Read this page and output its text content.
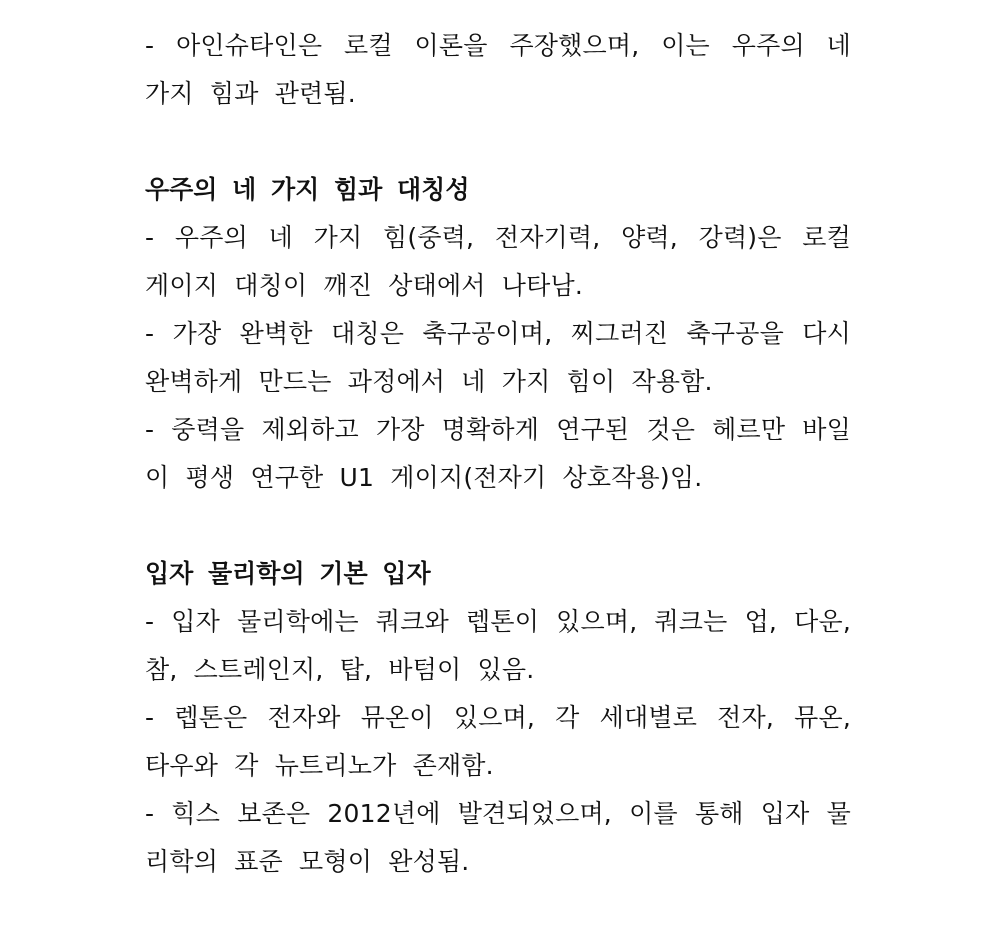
- 아인슈타인은 로컬 이론을 주장했으며, 이는 우주의 네 가지 힘과 관련됨.

우주의 네 가지 힘과 대칭성

- 우주의 네 가지 힘(중력, 전자기력, 양력, 강력)은 로컬 게이지 대칭이 깨진 상태에서 나타남.

- 가장 완벽한 대칭은 축구공이며, 찌그러진 축구공을 다시 완벽하게 만드는 과정에서 네 가지 힘이 작용함.

- 중력을 제외하고 가장 명확하게 연구된 것은 헤르만 바일이 평생 연구한 U1 게이지(전자기 상호작용)임.

입자 물리학의 기본 입자

- 입자 물리학에는 쿼크와 렙톤이 있으며, 쿼크는 업, 다운, 참, 스트레인지, 탑, 바텀이 있음.

- 렙톤은 전자와 뮤온이 있으며, 각 세대별로 전자, 뮤온, 타우와 각 뉴트리노가 존재함.

- 힉스 보존은 2012년에 발견되었으며, 이를 통해 입자 물리학의 표준 모형이 완성됨.
